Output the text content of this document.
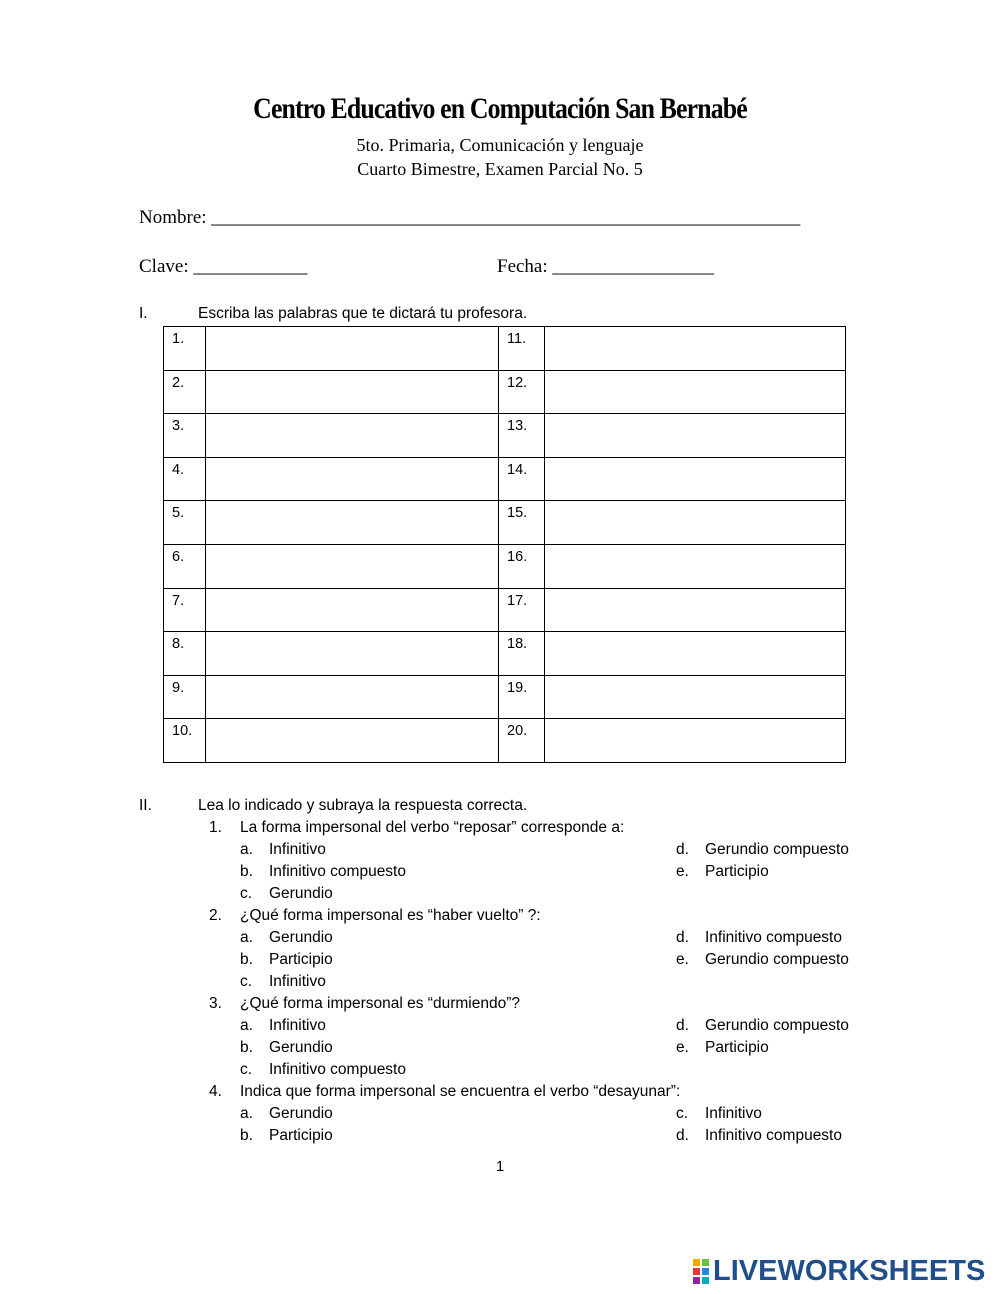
Centro Educativo en Computación San Bernabé
5to. Primaria, Comunicación y lenguaje
Cuarto Bimestre, Examen Parcial No. 5
Nombre: ______________________________________________________________
Clave: ____________	Fecha: _________________
I.	Escriba las palabras que te dictará tu profesora.
1.		11.	
2.		12.	
3.		13.	
4.		14.	
5.		15.	
6.		16.	
7.		17.	
8.		18.	
9.		19.	
10.		20.	
II.	Lea lo indicado y subraya la respuesta correcta.
1. La forma impersonal del verbo “reposar” corresponde a:
a. Infinitivo
b. Infinitivo compuesto
c. Gerundio
d. Gerundio compuesto
e. Participio
2. ¿Qué forma impersonal es “haber vuelto” ?:
a. Gerundio
b. Participio
c. Infinitivo
d. Infinitivo compuesto
e. Gerundio compuesto
3. ¿Qué forma impersonal es “durmiendo”?
a. Infinitivo
b. Gerundio
c. Infinitivo compuesto
d. Gerundio compuesto
e. Participio
4. Indica que forma impersonal se encuentra el verbo “desayunar”:
a. Gerundio
b. Participio
c. Infinitivo
d. Infinitivo compuesto
1
LIVEWORKSHEETS
